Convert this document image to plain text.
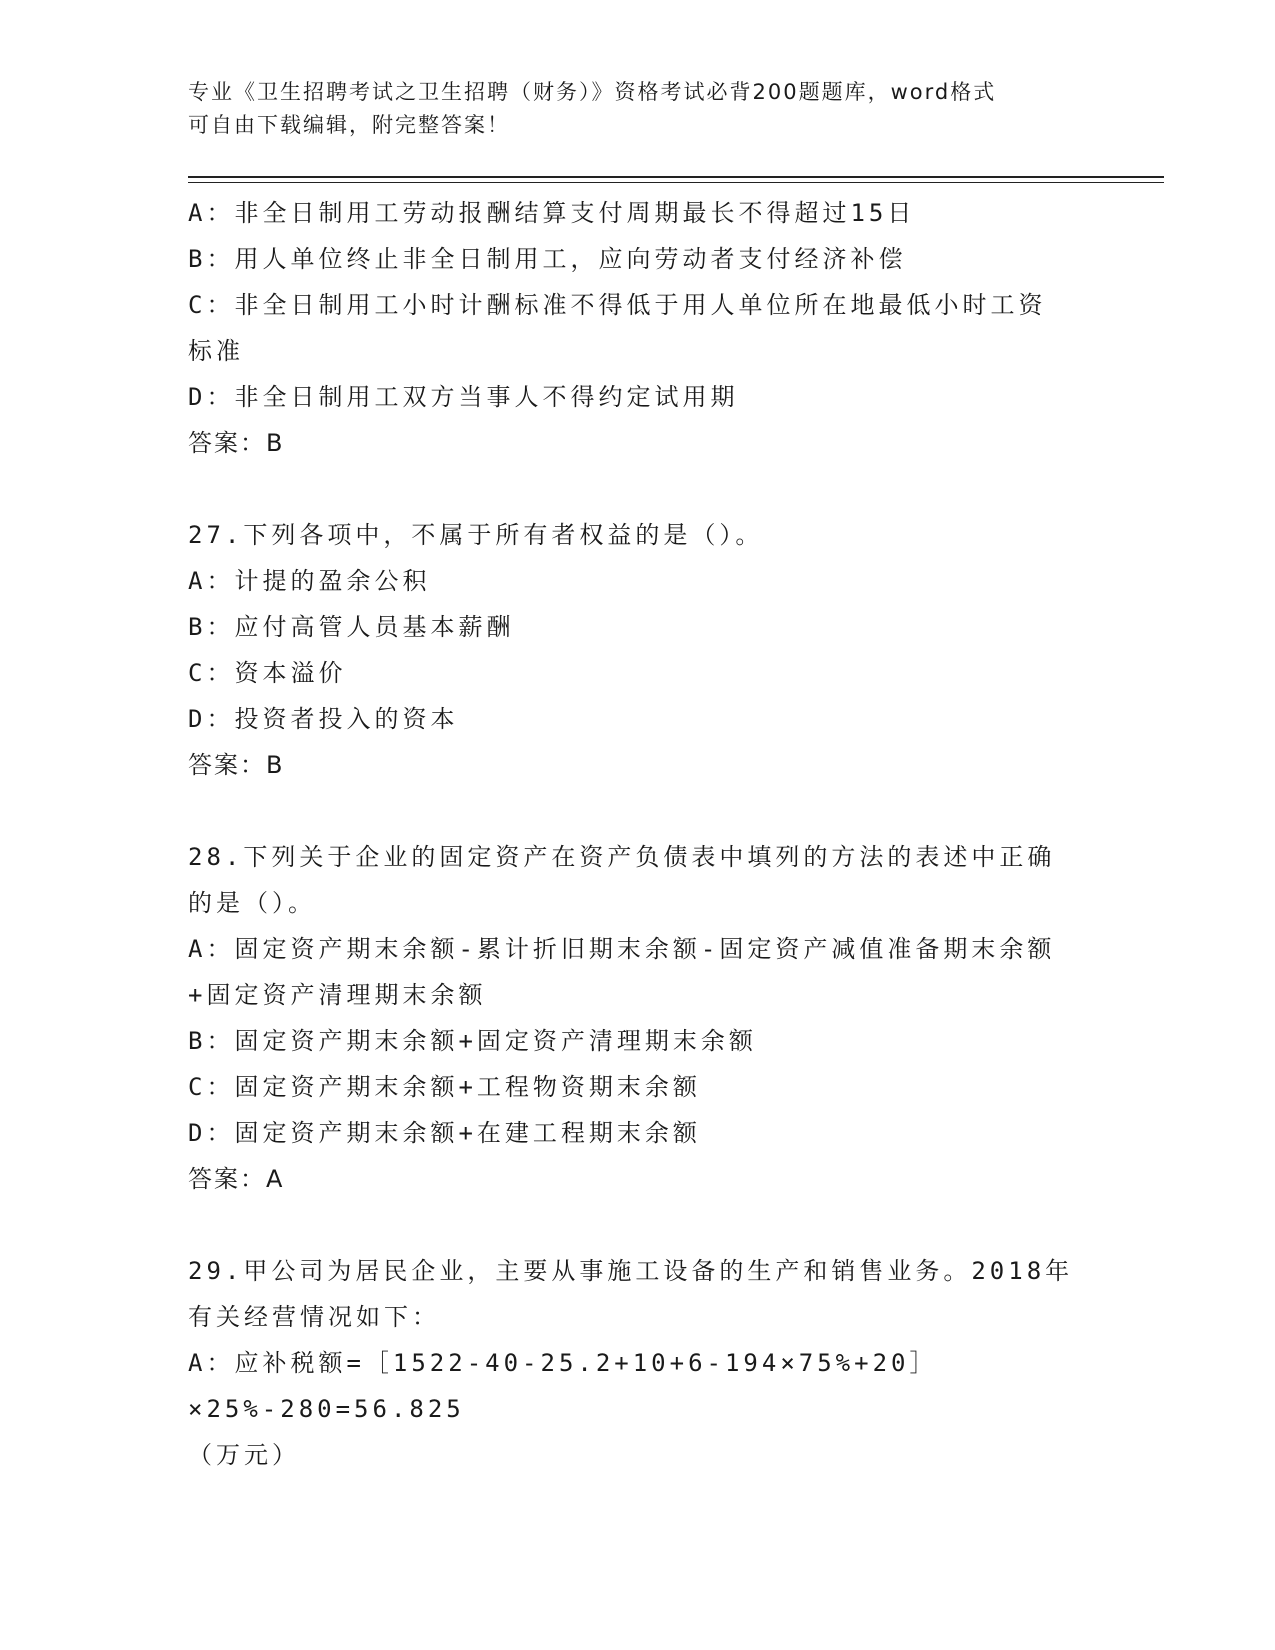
专业《卫生招聘考试之卫生招聘（财务）》资格考试必背200题题库，word格式
可自由下载编辑，附完整答案！

A：非全日制用工劳动报酬结算支付周期最长不得超过15日

B：用人单位终止非全日制用工，应向劳动者支付经济补偿

C：非全日制用工小时计酬标准不得低于用人单位所在地最低小时工资

标准

D：非全日制用工双方当事人不得约定试用期

答案：B

27.下列各项中，不属于所有者权益的是（）。

A：计提的盈余公积

B：应付高管人员基本薪酬

C：资本溢价

D：投资者投入的资本

答案：B

28.下列关于企业的固定资产在资产负债表中填列的方法的表述中正确

的是（）。

A：固定资产期末余额-累计折旧期末余额-固定资产减值准备期末余额

+固定资产清理期末余额

B：固定资产期末余额+固定资产清理期末余额

C：固定资产期末余额+工程物资期末余额

D：固定资产期末余额+在建工程期末余额

答案：A

29.甲公司为居民企业，主要从事施工设备的生产和销售业务。2018年

有关经营情况如下：

A：应补税额=［1522-40-25.2+10+6-194×75%+20］×25%-280=56.825

（万元）
